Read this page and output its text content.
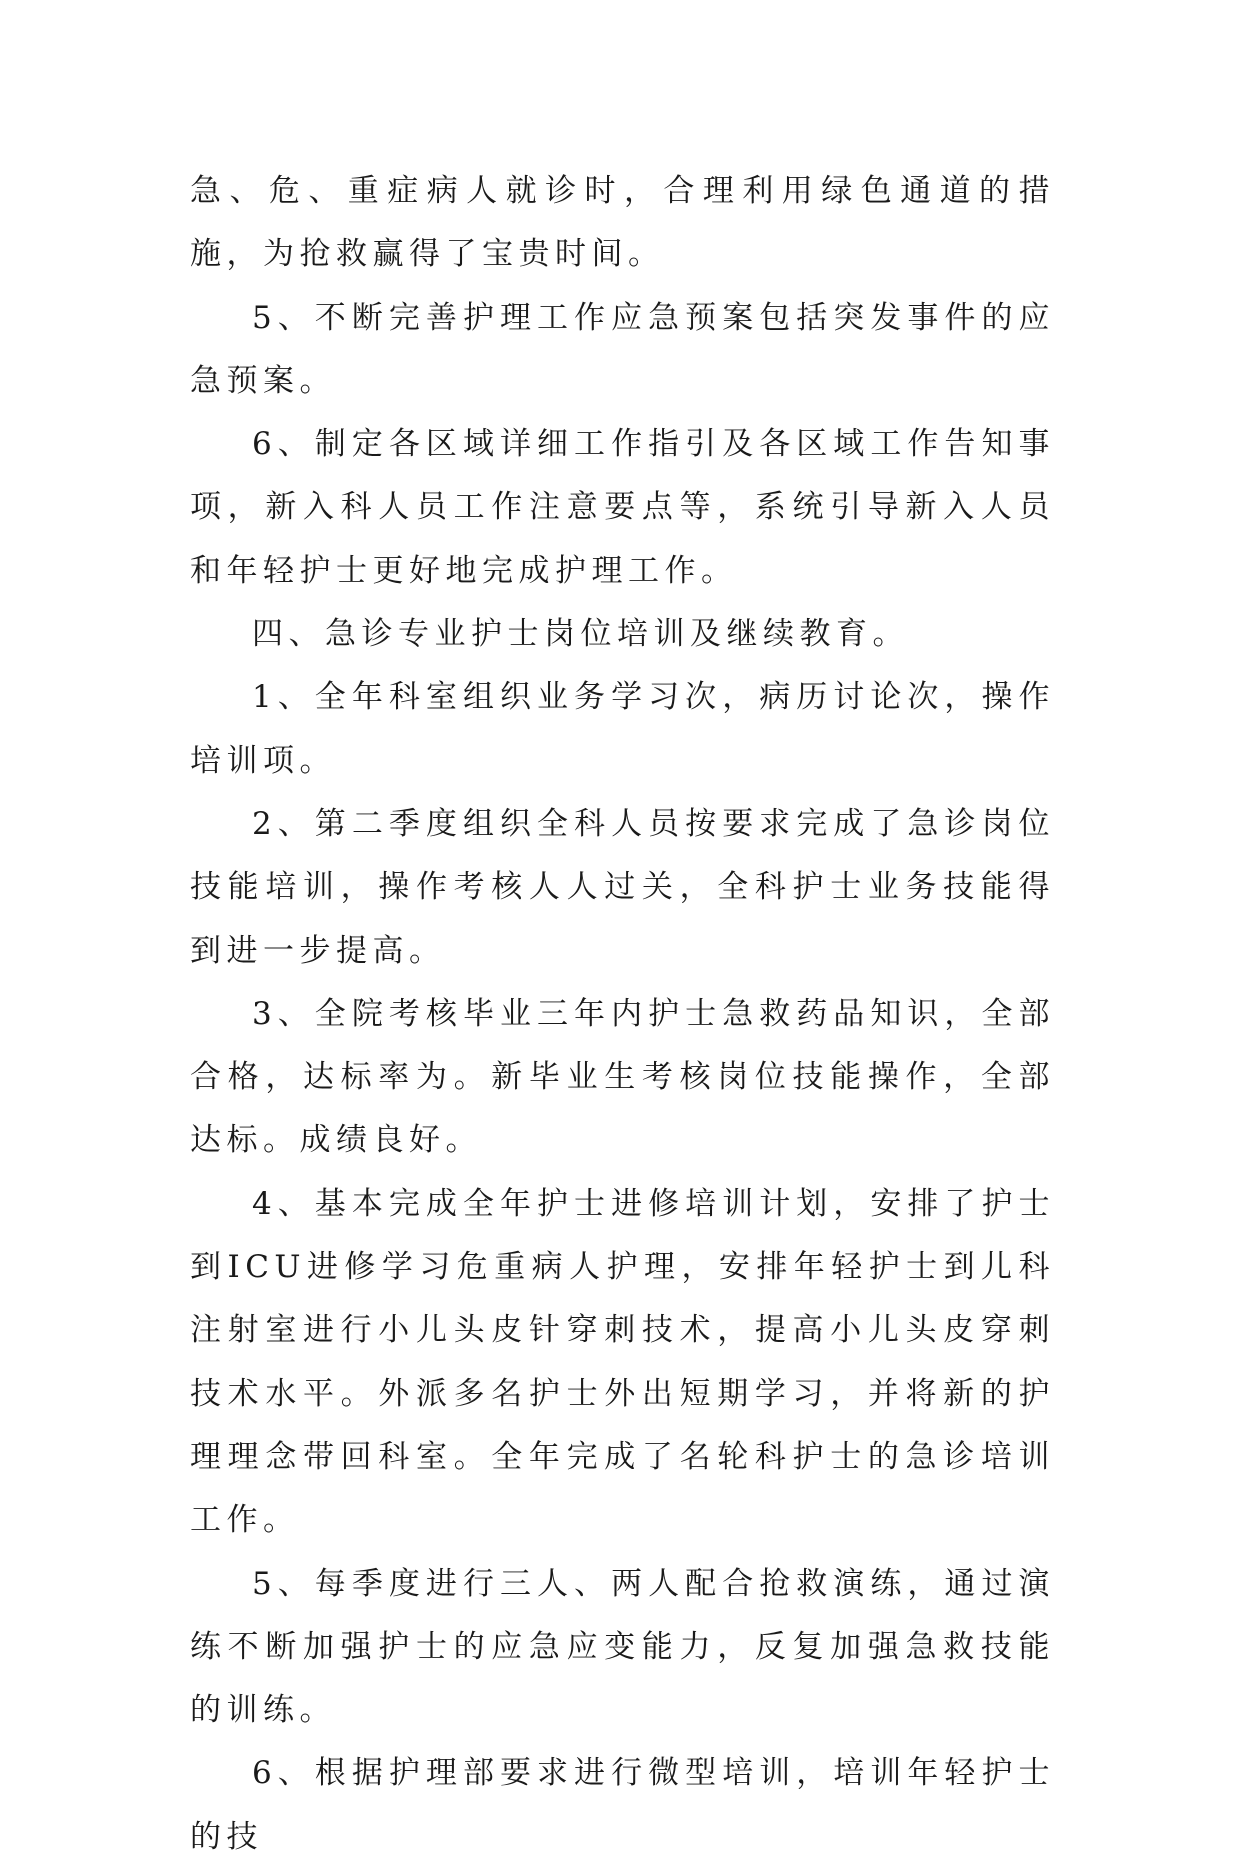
急、危、重症病人就诊时，合理利用绿色通道的措施，为抢救赢得了宝贵时间。

5、不断完善护理工作应急预案包括突发事件的应急预案。

6、制定各区域详细工作指引及各区域工作告知事项，新入科人员工作注意要点等，系统引导新入人员和年轻护士更好地完成护理工作。

四、急诊专业护士岗位培训及继续教育。

1、全年科室组织业务学习次，病历讨论次，操作培训项。

2、第二季度组织全科人员按要求完成了急诊岗位技能培训，操作考核人人过关，全科护士业务技能得到进一步提高。

3、全院考核毕业三年内护士急救药品知识，全部合格，达标率为。新毕业生考核岗位技能操作，全部达标。成绩良好。

4、基本完成全年护士进修培训计划，安排了护士到ICU进修学习危重病人护理，安排年轻护士到儿科注射室进行小儿头皮针穿刺技术，提高小儿头皮穿刺技术水平。外派多名护士外出短期学习，并将新的护理理念带回科室。全年完成了名轮科护士的急诊培训工作。

5、每季度进行三人、两人配合抢救演练，通过演练不断加强护士的应急应变能力，反复加强急救技能的训练。

6、根据护理部要求进行微型培训，培训年轻护士的技
